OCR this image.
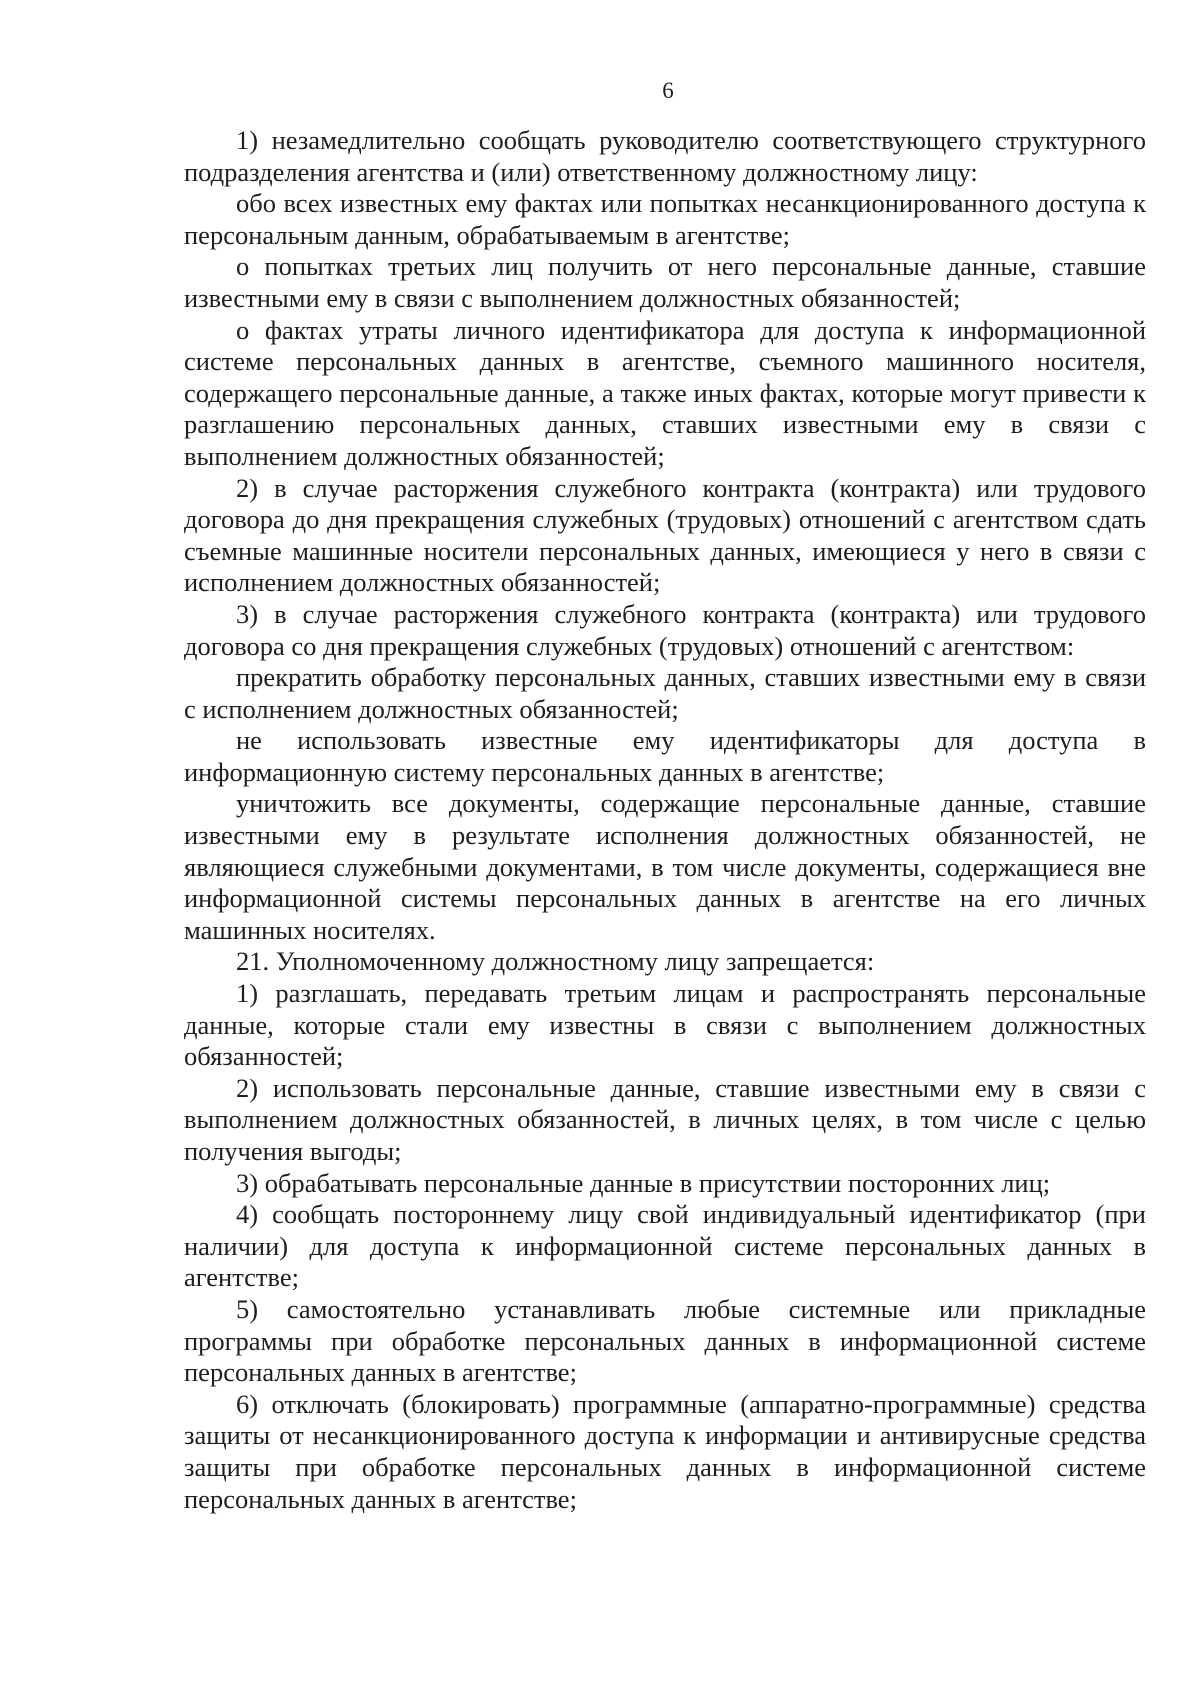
6

1) незамедлительно сообщать руководителю соответствующего структурного подразделения агентства и (или) ответственному должностному лицу:

обо всех известных ему фактах или попытках несанкционированного доступа к персональным данным, обрабатываемым в агентстве;

о попытках третьих лиц получить от него персональные данные, ставшие известными ему в связи с выполнением должностных обязанностей;

о фактах утраты личного идентификатора для доступа к информационной системе персональных данных в агентстве, съемного машинного носителя, содержащего персональные данные, а также иных фактах, которые могут привести к разглашению персональных данных, ставших известными ему в связи с выполнением должностных обязанностей;

2) в случае расторжения служебного контракта (контракта) или трудового договора до дня прекращения служебных (трудовых) отношений с агентством сдать съемные машинные носители персональных данных, имеющиеся у него в связи с исполнением должностных обязанностей;

3) в случае расторжения служебного контракта (контракта) или трудового договора со дня прекращения служебных (трудовых) отношений с агентством:

прекратить обработку персональных данных, ставших известными ему в связи с исполнением должностных обязанностей;

не использовать известные ему идентификаторы для доступа в информационную систему персональных данных в агентстве;

уничтожить все документы, содержащие персональные данные, ставшие известными ему в результате исполнения должностных обязанностей, не являющиеся служебными документами, в том числе документы, содержащиеся вне информационной системы персональных данных в агентстве на его личных машинных носителях.

21. Уполномоченному должностному лицу запрещается:

1) разглашать, передавать третьим лицам и распространять персональные данные, которые стали ему известны в связи с выполнением должностных обязанностей;

2) использовать персональные данные, ставшие известными ему в связи с выполнением должностных обязанностей, в личных целях, в том числе с целью получения выгоды;

3) обрабатывать персональные данные в присутствии посторонних лиц;

4) сообщать постороннему лицу свой индивидуальный идентификатор (при наличии) для доступа к информационной системе персональных данных в агентстве;

5) самостоятельно устанавливать любые системные или прикладные программы при обработке персональных данных в информационной системе персональных данных в агентстве;

6) отключать (блокировать) программные (аппаратно-программные) средства защиты от несанкционированного доступа к информации и антивирусные средства защиты при обработке персональных данных в информационной системе персональных данных в агентстве;
